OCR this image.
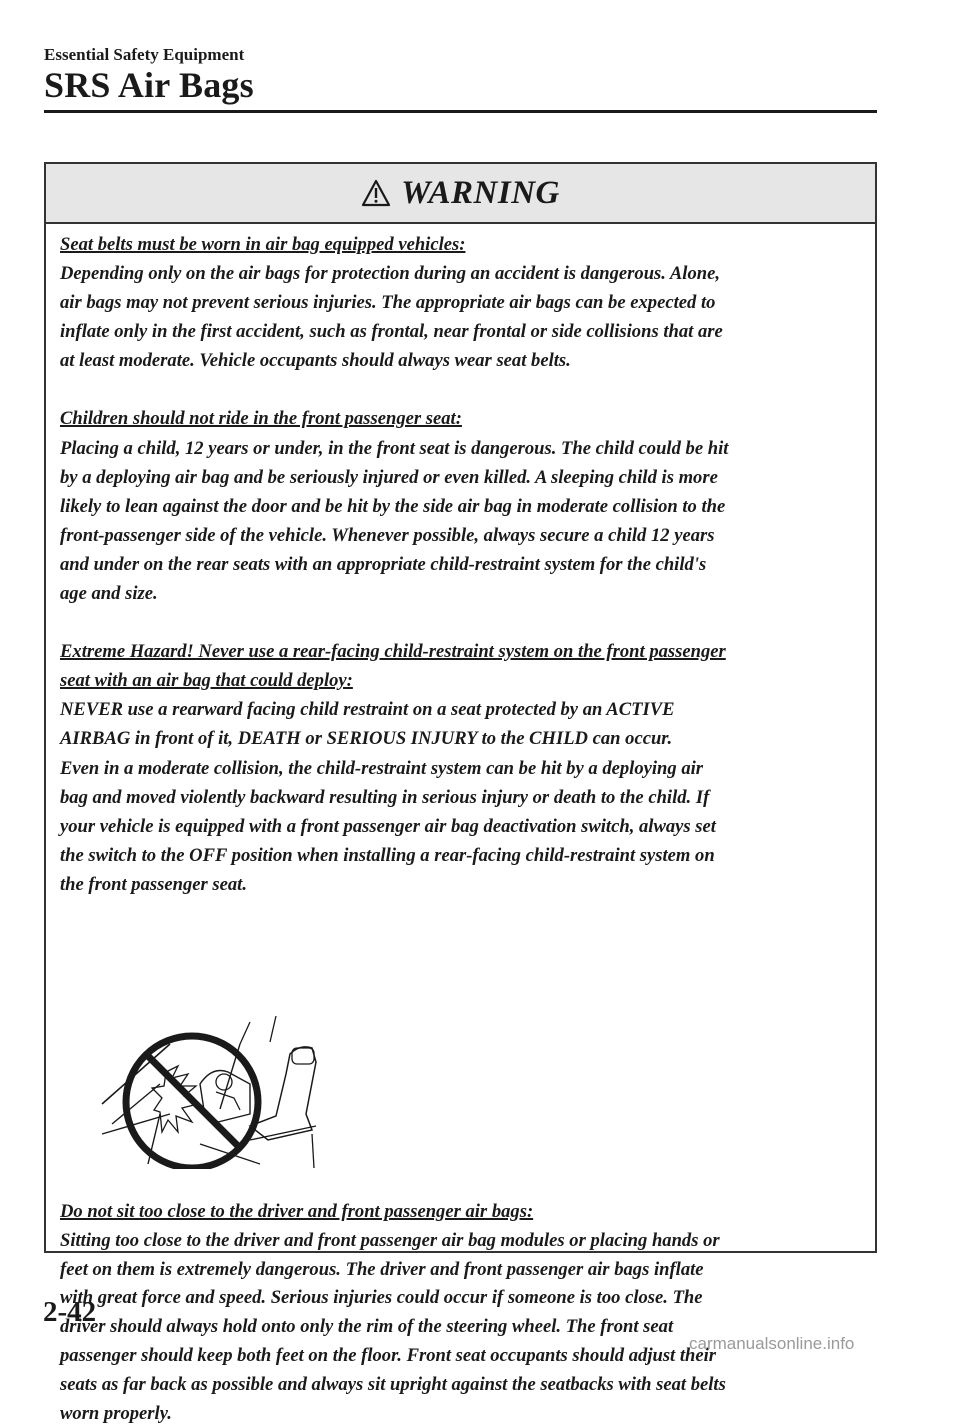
Essential Safety Equipment
SRS Air Bags
WARNING
Seat belts must be worn in air bag equipped vehicles:
Depending only on the air bags for protection during an accident is dangerous. Alone,
air bags may not prevent serious injuries. The appropriate air bags can be expected to
inflate only in the first accident, such as frontal, near frontal or side collisions that are
at least moderate. Vehicle occupants should always wear seat belts.
Children should not ride in the front passenger seat:
Placing a child, 12 years or under, in the front seat is dangerous. The child could be hit
by a deploying air bag and be seriously injured or even killed. A sleeping child is more
likely to lean against the door and be hit by the side air bag in moderate collision to the
front-passenger side of the vehicle. Whenever possible, always secure a child 12 years
and under on the rear seats with an appropriate child-restraint system for the child's
age and size.
Extreme Hazard! Never use a rear-facing child-restraint system on the front passenger
seat with an air bag that could deploy:
NEVER use a rearward facing child restraint on a seat protected by an ACTIVE
AIRBAG in front of it, DEATH or SERIOUS INJURY to the CHILD can occur.
Even in a moderate collision, the child-restraint system can be hit by a deploying air
bag and moved violently backward resulting in serious injury or death to the child. If
your vehicle is equipped with a front passenger air bag deactivation switch, always set
the switch to the OFF position when installing a rear-facing child-restraint system on
the front passenger seat.
Do not sit too close to the driver and front passenger air bags:
Sitting too close to the driver and front passenger air bag modules or placing hands or
feet on them is extremely dangerous. The driver and front passenger air bags inflate
with great force and speed. Serious injuries could occur if someone is too close. The
driver should always hold onto only the rim of the steering wheel. The front seat
passenger should keep both feet on the floor. Front seat occupants should adjust their
seats as far back as possible and always sit upright against the seatbacks with seat belts
worn properly.
2-42
carmanualsonline.info
